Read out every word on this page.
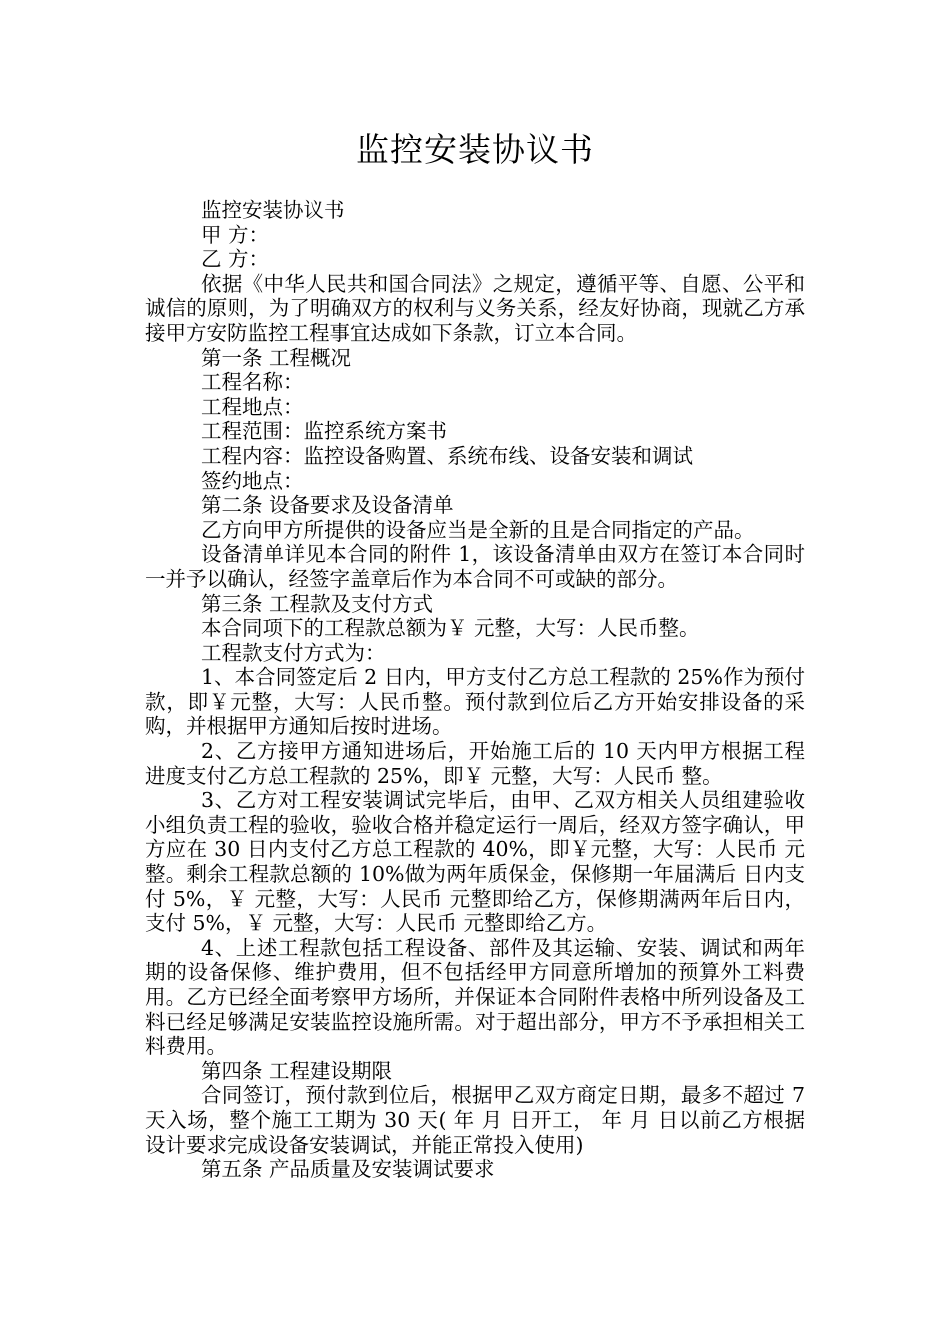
监控安装协议书

监控安装协议书

甲 方：

乙 方：

依据《中华人民共和国合同法》之规定，遵循平等、自愿、公平和诚信的原则，为了明确双方的权利与义务关系，经友好协商，现就乙方承接甲方安防监控工程事宜达成如下条款，订立本合同。

第一条 工程概况

工程名称：

工程地点：

工程范围：监控系统方案书

工程内容：监控设备购置、系统布线、设备安装和调试

签约地点：

第二条 设备要求及设备清单

乙方向甲方所提供的设备应当是全新的且是合同指定的产品。

设备清单详见本合同的附件 1，该设备清单由双方在签订本合同时一并予以确认，经签字盖章后作为本合同不可或缺的部分。

第三条 工程款及支付方式

本合同项下的工程款总额为￥ 元整，大写：人民币整。

工程款支付方式为：

1、本合同签定后 2 日内，甲方支付乙方总工程款的 25%作为预付款，即￥元整，大写：人民币整。预付款到位后乙方开始安排设备的采购，并根据甲方通知后按时进场。

2、乙方接甲方通知进场后，开始施工后的 10 天内甲方根据工程进度支付乙方总工程款的 25%，即￥ 元整，大写：人民币 整。

3、乙方对工程安装调试完毕后，由甲、乙双方相关人员组建验收小组负责工程的验收，验收合格并稳定运行一周后，经双方签字确认，甲方应在 30 日内支付乙方总工程款的 40%，即￥元整，大写：人民币 元整。剩余工程款总额的 10%做为两年质保金，保修期一年届满后 日内支付 5%，￥ 元整，大写：人民币 元整即给乙方，保修期满两年后日内，支付 5%，￥ 元整，大写：人民币 元整即给乙方。

4、上述工程款包括工程设备、部件及其运输、安装、调试和两年期的设备保修、维护费用，但不包括经甲方同意所增加的预算外工料费用。乙方已经全面考察甲方场所，并保证本合同附件表格中所列设备及工料已经足够满足安装监控设施所需。对于超出部分，甲方不予承担相关工料费用。

第四条 工程建设期限

合同签订，预付款到位后，根据甲乙双方商定日期，最多不超过 7 天入场，整个施工工期为 30 天( 年 月 日开工， 年 月 日以前乙方根据设计要求完成设备安装调试，并能正常投入使用)

第五条 产品质量及安装调试要求
